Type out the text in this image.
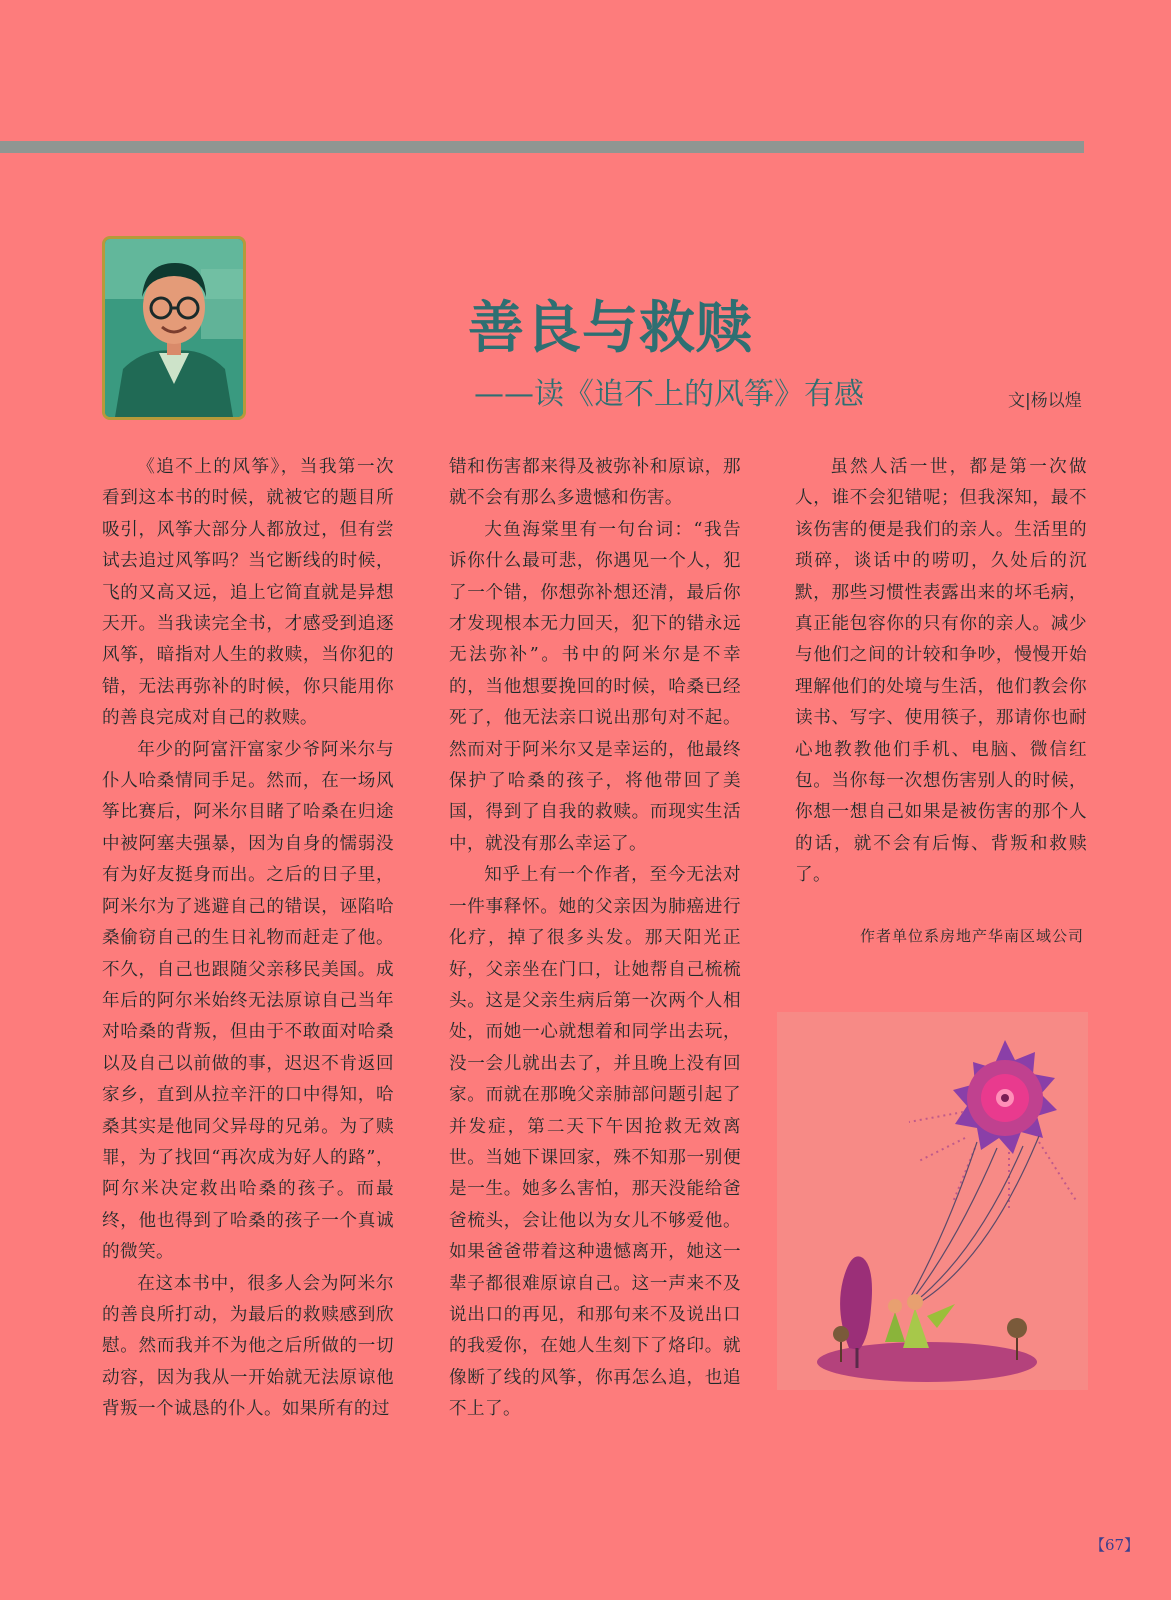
善良与救赎
——读《追不上的风筝》有感	文|杨以煌

《追不上的风筝》，当我第一次看到这本书的时候，就被它的题目所吸引，风筝大部分人都放过，但有尝试去追过风筝吗？当它断线的时候，飞的又高又远，追上它简直就是异想天开。当我读完全书，才感受到追逐风筝，暗指对人生的救赎，当你犯的错，无法再弥补的时候，你只能用你的善良完成对自己的救赎。

年少的阿富汗富家少爷阿米尔与仆人哈桑情同手足。然而，在一场风筝比赛后，阿米尔目睹了哈桑在归途中被阿塞夫强暴，因为自身的懦弱没有为好友挺身而出。之后的日子里，阿米尔为了逃避自己的错误，诬陷哈桑偷窃自己的生日礼物而赶走了他。不久，自己也跟随父亲移民美国。成年后的阿尔米始终无法原谅自己当年对哈桑的背叛，但由于不敢面对哈桑以及自己以前做的事，迟迟不肯返回家乡，直到从拉辛汗的口中得知，哈桑其实是他同父异母的兄弟。为了赎罪，为了找回“再次成为好人的路”，阿尔米决定救出哈桑的孩子。而最终，他也得到了哈桑的孩子一个真诚的微笑。

在这本书中，很多人会为阿米尔的善良所打动，为最后的救赎感到欣慰。然而我并不为他之后所做的一切动容，因为我从一开始就无法原谅他背叛一个诚恳的仆人。如果所有的过

错和伤害都来得及被弥补和原谅，那就不会有那么多遗憾和伤害。

大鱼海棠里有一句台词：“我告诉你什么最可悲，你遇见一个人，犯了一个错，你想弥补想还清，最后你才发现根本无力回天，犯下的错永远无法弥补”。书中的阿米尔是不幸的，当他想要挽回的时候，哈桑已经死了，他无法亲口说出那句对不起。然而对于阿米尔又是幸运的，他最终保护了哈桑的孩子，将他带回了美国，得到了自我的救赎。而现实生活中，就没有那么幸运了。

知乎上有一个作者，至今无法对一件事释怀。她的父亲因为肺癌进行化疗，掉了很多头发。那天阳光正好，父亲坐在门口，让她帮自己梳梳头。这是父亲生病后第一次两个人相处，而她一心就想着和同学出去玩，没一会儿就出去了，并且晚上没有回家。而就在那晚父亲肺部问题引起了并发症，第二天下午因抢救无效离世。当她下课回家，殊不知那一别便是一生。她多么害怕，那天没能给爸爸梳头，会让他以为女儿不够爱他。如果爸爸带着这种遗憾离开，她这一辈子都很难原谅自己。这一声来不及说出口的再见，和那句来不及说出口的我爱你，在她人生刻下了烙印。就像断了线的风筝，你再怎么追，也追不上了。

虽然人活一世，都是第一次做人，谁不会犯错呢；但我深知，最不该伤害的便是我们的亲人。生活里的琐碎，谈话中的唠叨，久处后的沉默，那些习惯性表露出来的坏毛病，真正能包容你的只有你的亲人。减少与他们之间的计较和争吵，慢慢开始理解他们的处境与生活，他们教会你读书、写字、使用筷子，那请你也耐心地教教他们手机、电脑、微信红包。当你每一次想伤害别人的时候，你想一想自己如果是被伤害的那个人的话，就不会有后悔、背叛和救赎了。

作者单位系房地产华南区域公司
【67】
